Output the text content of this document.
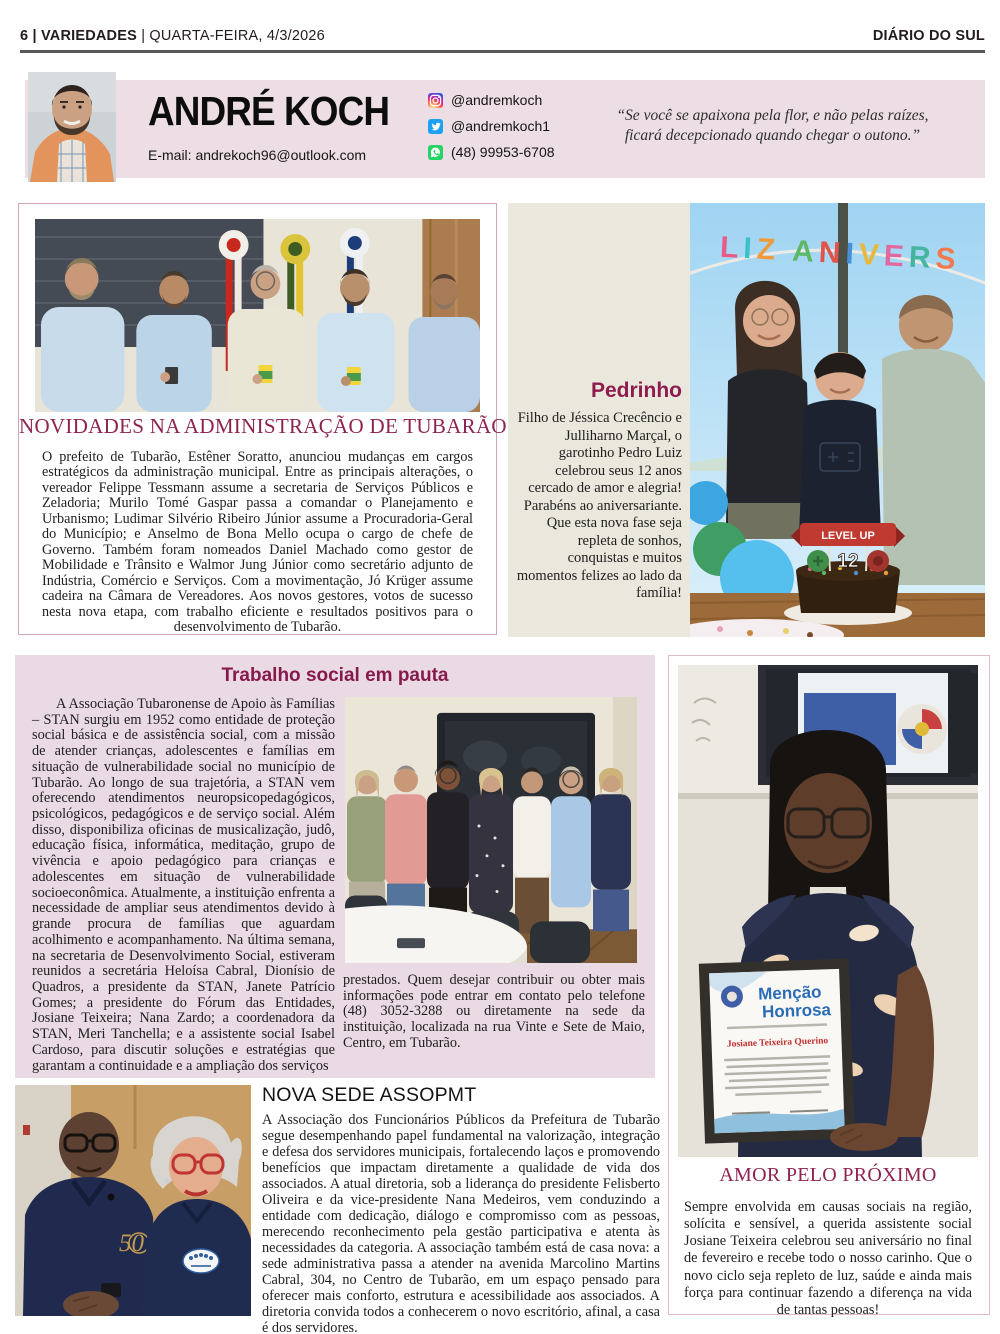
6 | VARIEDADES | QUARTA-FEIRA, 4/3/2026	DIÁRIO DO SUL
ANDRÉ KOCH
E-mail: andrekoch96@outlook.com
@andremkoch
@andremkoch1
(48) 99953-6708
“Se você se apaixona pela flor, e não pelas raízes, ficará decepcionado quando chegar o outono.”
NOVIDADES NA ADMINISTRAÇÃO DE TUBARÃO

O prefeito de Tubarão, Estêner Soratto, anunciou mudanças em cargos estratégicos da administração municipal. Entre as principais alterações, o vereador Felippe Tessmann assume a secretaria de Serviços Públicos e Zeladoria; Murilo Tomé Gaspar passa a comandar o Planejamento e Urbanismo; Ludimar Silvério Ribeiro Júnior assume a Procuradoria-Geral do Município; e Anselmo de Bona Mello ocupa o cargo de chefe de Governo. Também foram nomeados Daniel Machado como gestor de Mobilidade e Trânsito e Walmor Jung Júnior como secretário adjunto de Indústria, Comércio e Serviços. Com a movimentação, Jó Krüger assume cadeira na Câmara de Vereadores. Aos novos gestores, votos de sucesso nesta nova etapa, com trabalho eficiente e resultados positivos para o desenvolvimento de Tubarão.

Pedrinho

Filho de Jéssica Crecêncio e Julliharno Marçal, o garotinho Pedro Luiz celebrou seus 12 anos cercado de amor e alegria! Parabéns ao aniversariante. Que esta nova fase seja repleta de sonhos, conquistas e muitos momentos felizes ao lado da família!

LIZ ANIVERS
LEVEL UP
12
Trabalho social em pauta

A Associação Tubaronense de Apoio às Famílias – STAN surgiu em 1952 como entidade de proteção social básica e de assistência social, com a missão de atender crianças, adolescentes e famílias em situação de vulnerabilidade social no município de Tubarão. Ao longo de sua trajetória, a STAN vem oferecendo atendimentos neuropsicopedagógicos, psicológicos, pedagógicos e de serviço social. Além disso, disponibiliza oficinas de musicalização, judô, educação física, informática, meditação, grupo de vivência e apoio pedagógico para crianças e adolescentes em situação de vulnerabilidade socioeconômica. Atualmente, a instituição enfrenta a necessidade de ampliar seus atendimentos devido à grande procura de famílias que aguardam acolhimento e acompanhamento. Na última semana, na secretaria de Desenvolvimento Social, estiveram reunidos a secretária Heloísa Cabral, Dionísio de Quadros, a presidente da STAN, Janete Patrício Gomes; a presidente do Fórum das Entidades, Josiane Teixeira; Nana Zardo; a coordenadora da STAN, Meri Tanchella; e a assistente social Isabel Cardoso, para discutir soluções e estratégias que garantam a continuidade e a ampliação dos serviços

prestados. Quem desejar contribuir ou obter mais informações pode entrar em contato pelo telefone (48) 3052-3288 ou diretamente na sede da instituição, localizada na rua Vinte e Sete de Maio, Centro, em Tubarão.

Menção
Honrosa
Josiane Teixeira Querino
AMOR PELO PRÓXIMO

Sempre envolvida em causas sociais na região, solícita e sensível, a querida assistente social Josiane Teixeira celebrou seu aniversário no final de fevereiro e recebe todo o nosso carinho. Que o novo ciclo seja repleto de luz, saúde e ainda mais força para continuar fazendo a diferença na vida de tantas pessoas!

50
NOVA SEDE ASSOPMT

A Associação dos Funcionários Públicos da Prefeitura de Tubarão segue desempenhando papel fundamental na valorização, integração e defesa dos servidores municipais, fortalecendo laços e promovendo benefícios que impactam diretamente a qualidade de vida dos associados. A atual diretoria, sob a liderança do presidente Felisberto Oliveira e da vice-presidente Nana Medeiros, vem conduzindo a entidade com dedicação, diálogo e compromisso com as pessoas, merecendo reconhecimento pela gestão participativa e atenta às necessidades da categoria. A associação também está de casa nova: a sede administrativa passa a atender na avenida Marcolino Martins Cabral, 304, no Centro de Tubarão, em um espaço pensado para oferecer mais conforto, estrutura e acessibilidade aos associados. A diretoria convida todos a conhecerem o novo escritório, afinal, a casa é dos servidores.
